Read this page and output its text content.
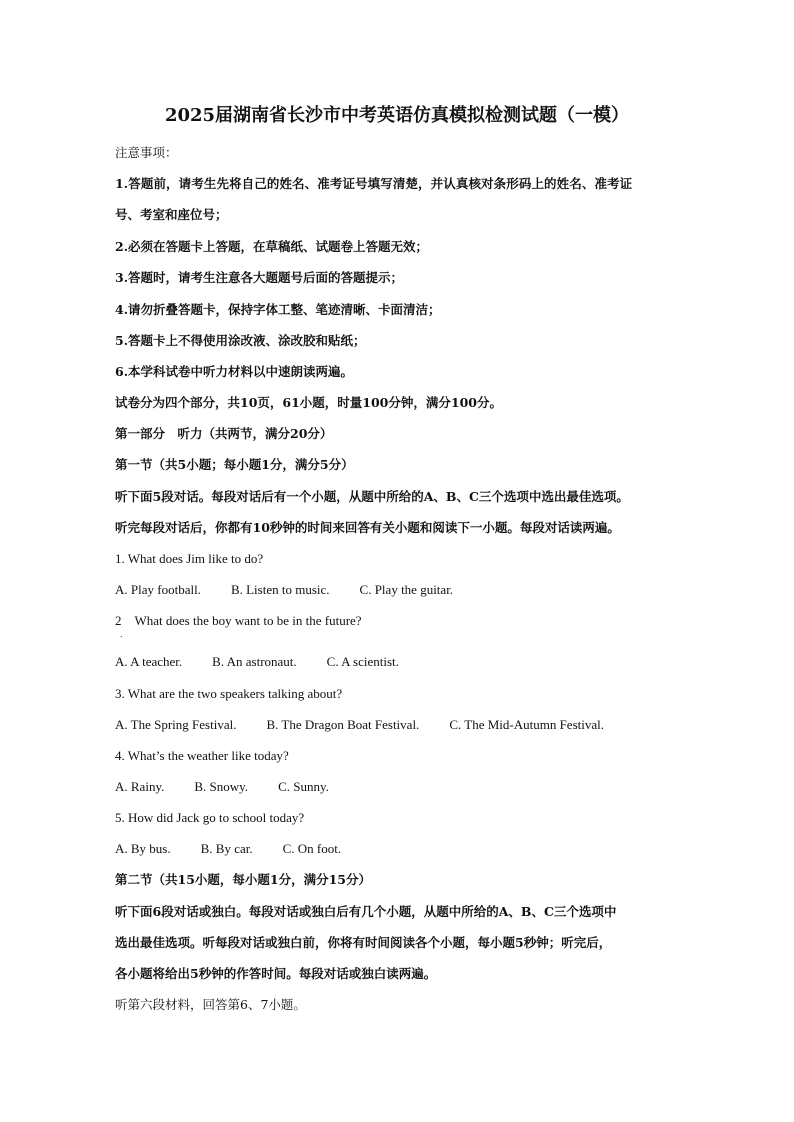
2025届湖南省长沙市中考英语仿真模拟检测试题（一模）
注意事项：
1.答题前，请考生先将自己的姓名、准考证号填写清楚，并认真核对条形码上的姓名、准考证
号、考室和座位号；
2.必须在答题卡上答题，在草稿纸、试题卷上答题无效；
3.答题时，请考生注意各大题题号后面的答题提示；
4.请勿折叠答题卡，保持字体工整、笔迹清晰、卡面清洁；
5.答题卡上不得使用涂改液、涂改胶和贴纸；
6.本学科试卷中听力材料以中速朗读两遍。
试卷分为四个部分，共10页，61小题，时量100分钟，满分100分。
第一部分　听力（共两节，满分20分）
第一节（共5小题；每小题1分，满分5分）
听下面5段对话。每段对话后有一个小题，从题中所给的A、B、C三个选项中选出最佳选项。
听完每段对话后，你都有10秒钟的时间来回答有关小题和阅读下一小题。每段对话读两遍。
1. What does Jim like to do?
A. Play football. B. Listen to music. C. Play the guitar.
2　What does the boy want to be in the future?
．
A. A teacher. B. An astronaut. C. A scientist.
3. What are the two speakers talking about?
A. The Spring Festival. B. The Dragon Boat Festival. C. The Mid-Autumn Festival.
4. What’s the weather like today?
A. Rainy. B. Snowy. C. Sunny.
5. How did Jack go to school today?
A. By bus. B. By car. C. On foot.
第二节（共15小题，每小题1分，满分15分）
听下面6段对话或独白。每段对话或独白后有几个小题，从题中所给的A、B、C三个选项中
选出最佳选项。听每段对话或独白前，你将有时间阅读各个小题，每小题5秒钟；听完后，
各小题将给出5秒钟的作答时间。每段对话或独白读两遍。
听第六段材料，回答第6、7小题。
